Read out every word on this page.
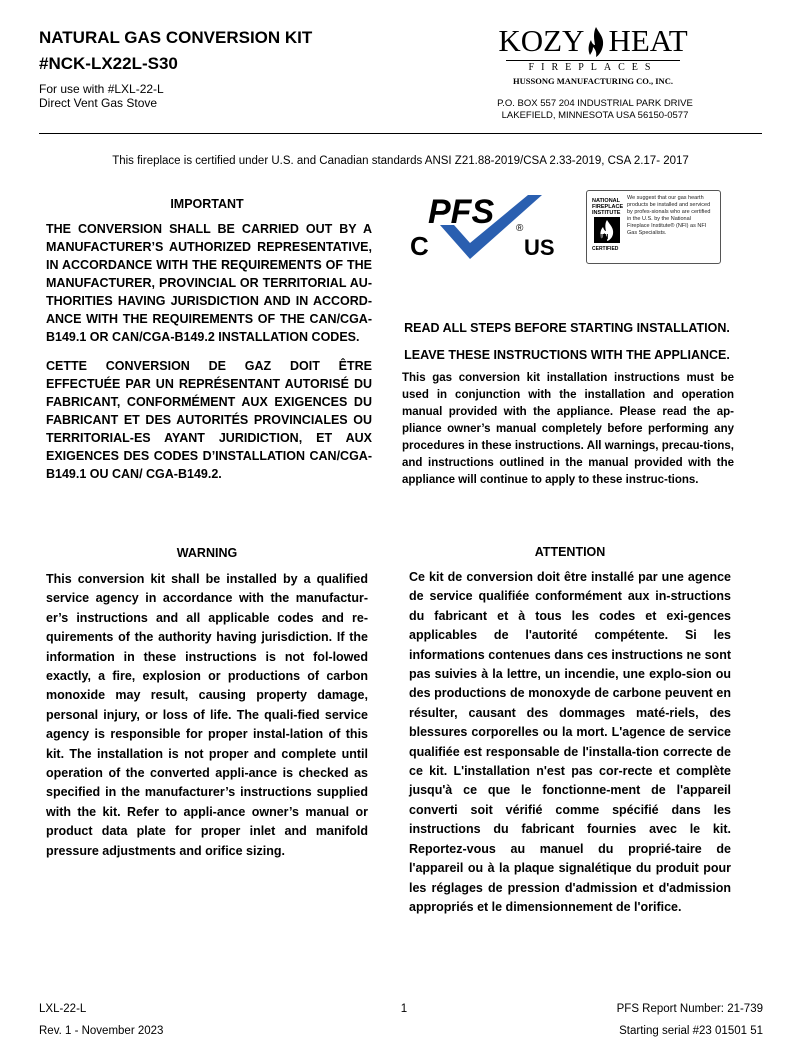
NATURAL GAS CONVERSION KIT
#NCK-LX22L-S30
For use with #LXL-22-L
Direct Vent Gas Stove
KOZY HEAT
FIREPLACES
HUSSONG MANUFACTURING CO., INC.
P.O. BOX 557 204 INDUSTRIAL PARK DRIVE
LAKEFIELD, MINNESOTA USA 56150-0577
This fireplace is certified under U.S. and Canadian standards ANSI Z21.88-2019/CSA 2.33-2019, CSA 2.17- 2017
IMPORTANT
THE CONVERSION SHALL BE CARRIED OUT BY A MANUFACTURER’S AUTHORIZED REPRESENTATIVE, IN ACCORDANCE WITH THE REQUIREMENTS OF THE MANUFACTURER, PROVINCIAL OR TERRITORIAL AU-THORITIES HAVING JURISDICTION AND IN ACCORD-ANCE WITH THE REQUIREMENTS OF THE CAN/CGA-B149.1 OR CAN/CGA-B149.2 INSTALLATION CODES.
CETTE CONVERSION DE GAZ DOIT ÊTRE EFFECTUÉE PAR UN REPRÉSENTANT AUTORISÉ DU FABRICANT, CONFORMÉMENT AUX EXIGENCES DU FABRICANT ET DES AUTORITÉS PROVINCIALES OU TERRITORIAL-ES AYANT JURIDICTION, ET AUX EXIGENCES DES CODES D’INSTALLATION CAN/CGA-B149.1 OU CAN/ CGA-B149.2.
PFS ®
C	US
NATIONAL
FIREPLACE
INSTITUTE
NFI
CERTIFIED
We suggest that our gas hearth products be installed and serviced by profes-sionals who are certified in the U.S. by the National Fireplace Institute® (NFI) as NFI Gas Specialists.
READ ALL STEPS BEFORE STARTING INSTALLATION.
LEAVE THESE INSTRUCTIONS WITH THE APPLIANCE.
This gas conversion kit installation instructions must be used in conjunction with the installation and operation manual provided with the appliance. Please read the ap-pliance owner’s manual completely before performing any procedures in these instructions. All warnings, precau-tions, and instructions outlined in the manual provided with the appliance will continue to apply to these instruc-tions.
WARNING
This conversion kit shall be installed by a qualified service agency in accordance with the manufactur-er’s instructions and all applicable codes and re-quirements of the authority having jurisdiction. If the information in these instructions is not fol-lowed exactly, a fire, explosion or productions of carbon monoxide may result, causing property damage, personal injury, or loss of life. The quali-fied service agency is responsible for proper instal-lation of this kit. The installation is not proper and complete until operation of the converted appli-ance is checked as specified in the manufacturer’s instructions supplied with the kit. Refer to appli-ance owner’s manual or product data plate for proper inlet and manifold pressure adjustments and orifice sizing.
ATTENTION
Ce kit de conversion doit être installé par une agence de service qualifiée conformément aux in-structions du fabricant et à tous les codes et exi-gences applicables de l'autorité compétente. Si les informations contenues dans ces instructions ne sont pas suivies à la lettre, un incendie, une explo-sion ou des productions de monoxyde de carbone peuvent en résulter, causant des dommages maté-riels, des blessures corporelles ou la mort. L'agence de service qualifiée est responsable de l'installa-tion correcte de ce kit. L'installation n'est pas cor-recte et complète jusqu'à ce que le fonctionne-ment de l'appareil converti soit vérifié comme spécifié dans les instructions du fabricant fournies avec le kit. Reportez-vous au manuel du proprié-taire de l'appareil ou à la plaque signalétique du produit pour les réglages de pression d'admission et d'admission appropriés et le dimensionnement de l'orifice.
LXL-22-L
Rev. 1 - November 2023
1	PFS Report Number: 21-739
Starting serial #23 01501 51
